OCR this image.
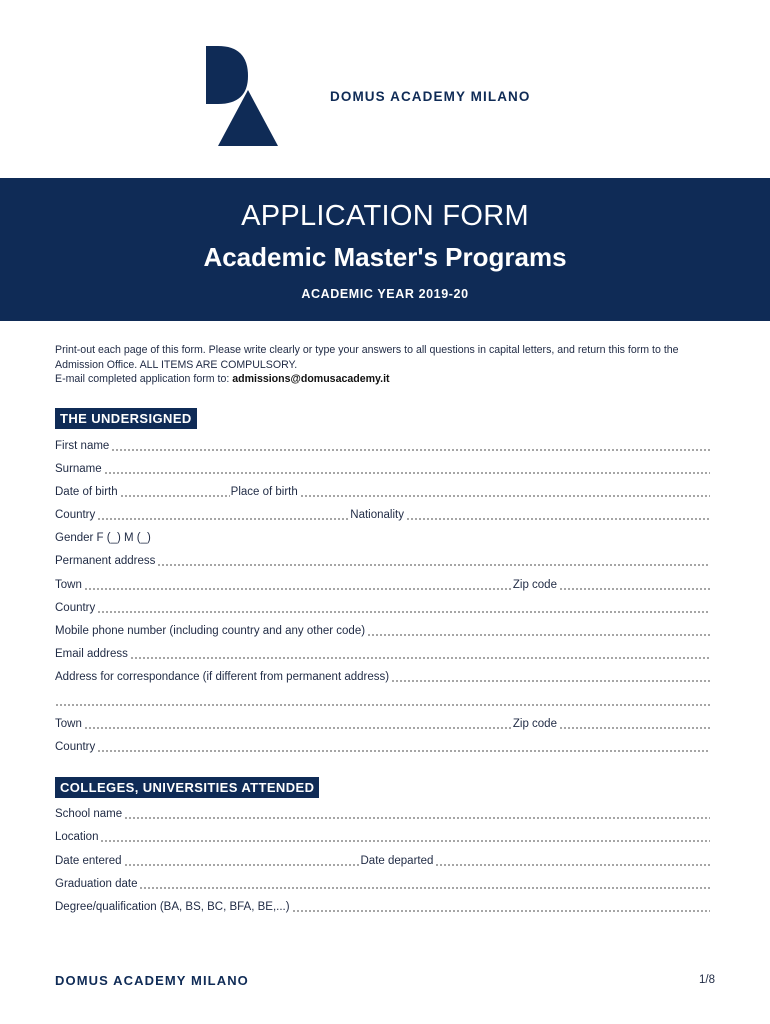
DOMUS ACADEMY MILANO
APPLICATION FORM
Academic Master's Programs
ACADEMIC YEAR 2019-20
Print-out each page of this form. Please write clearly or type your answers to all questions in capital letters, and return this form to the Admission Office. ALL ITEMS ARE COMPULSORY.
E-mail completed application form to: admissions@domusacademy.it
THE UNDERSIGNED
First name
Surname
Date of birth	Place of birth
Country	Nationality
Gender F (_) M (_)
Permanent address
Town	Zip code
Country
Mobile phone number (including country and any other code)
Email address
Address for correspondance (if different from permanent address)
Town	Zip code
Country
COLLEGES, UNIVERSITIES ATTENDED
School name
Location
Date entered	Date departed
Graduation date
Degree/qualification (BA, BS, BC, BFA, BE,...)
DOMUS ACADEMY MILANO	1/8
